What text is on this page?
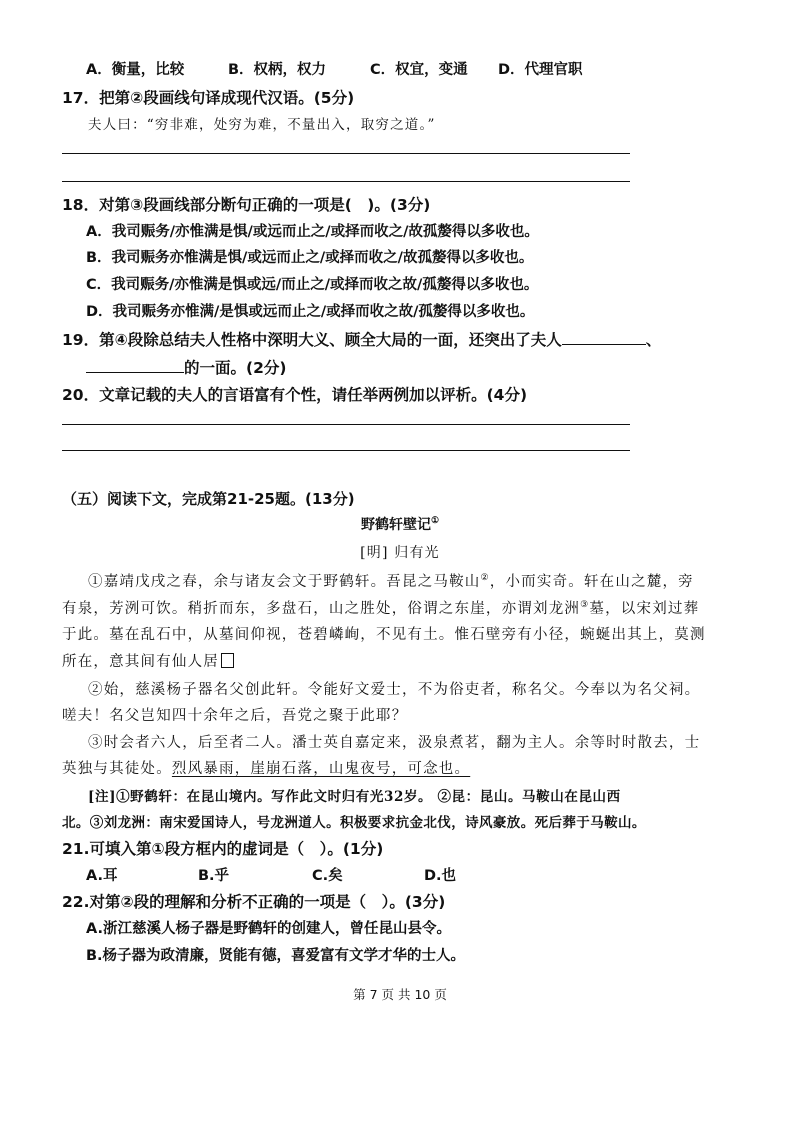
A．衡量，比较	B．权柄，权力	C．权宜，变通 D．代理官职
17．把第②段画线句译成现代汉语。(5分)
夫人曰：“穷非难，处穷为难，不量出入，取穷之道。”
18．对第③段画线部分断句正确的一项是(　)。(3分)
A．我司赈务/亦惟满是惧/或远而止之/或择而收之/故孤嫠得以多收也。
B．我司赈务亦惟满是惧/或远而止之/或择而收之/故孤嫠得以多收也。
C．我司赈务/亦惟满是惧或远/而止之/或择而收之故/孤嫠得以多收也。
D．我司赈务亦惟满/是惧或远而止之/或择而收之故/孤嫠得以多收也。
19．第④段除总结夫人性格中深明大义、顾全大局的一面，还突出了夫人	、
的一面。(2分)
20．文章记载的夫人的言语富有个性，请任举两例加以评析。(4分)
（五）阅读下文，完成第21-25题。(13分)
野鹤轩壁记①
[明] 归有光
①嘉靖戊戌之春，余与诸友会文于野鹤轩。吾昆之马鞍山②，小而实奇。轩在山之麓，旁
有泉，芳洌可饮。稍折而东，多盘石，山之胜处，俗谓之东崖，亦谓刘龙洲③墓，以宋刘过葬
于此。墓在乱石中，从墓间仰视，苍碧嶙峋，不见有土。惟石壁旁有小径，蜿蜒出其上，莫测
所在，意其间有仙人居
②始，慈溪杨子器名父创此轩。令能好文爱士，不为俗吏者，称名父。今奉以为名父祠。
嗟夫！名父岂知四十余年之后，吾党之聚于此耶？
③时会者六人，后至者二人。潘士英自嘉定来，汲泉煮茗，翻为主人。余等时时散去，士
英独与其徒处。烈风暴雨，崖崩石落，山鬼夜号，可念也。
[注]①野鹤轩：在昆山境内。写作此文时归有光32岁。 ②昆：昆山。马鞍山在昆山西
北。③刘龙洲：南宋爱国诗人，号龙洲道人。积极要求抗金北伐，诗风豪放。死后葬于马鞍山。
21.可填入第①段方框内的虚词是（　）。(1分)
A.耳	B.乎	C.矣	D.也
22.对第②段的理解和分析不正确的一项是（　）。(3分)
A.浙江慈溪人杨子器是野鹤轩的创建人，曾任昆山县令。
B.杨子器为政清廉，贤能有德，喜爱富有文学才华的士人。
第 7 页 共 10 页
